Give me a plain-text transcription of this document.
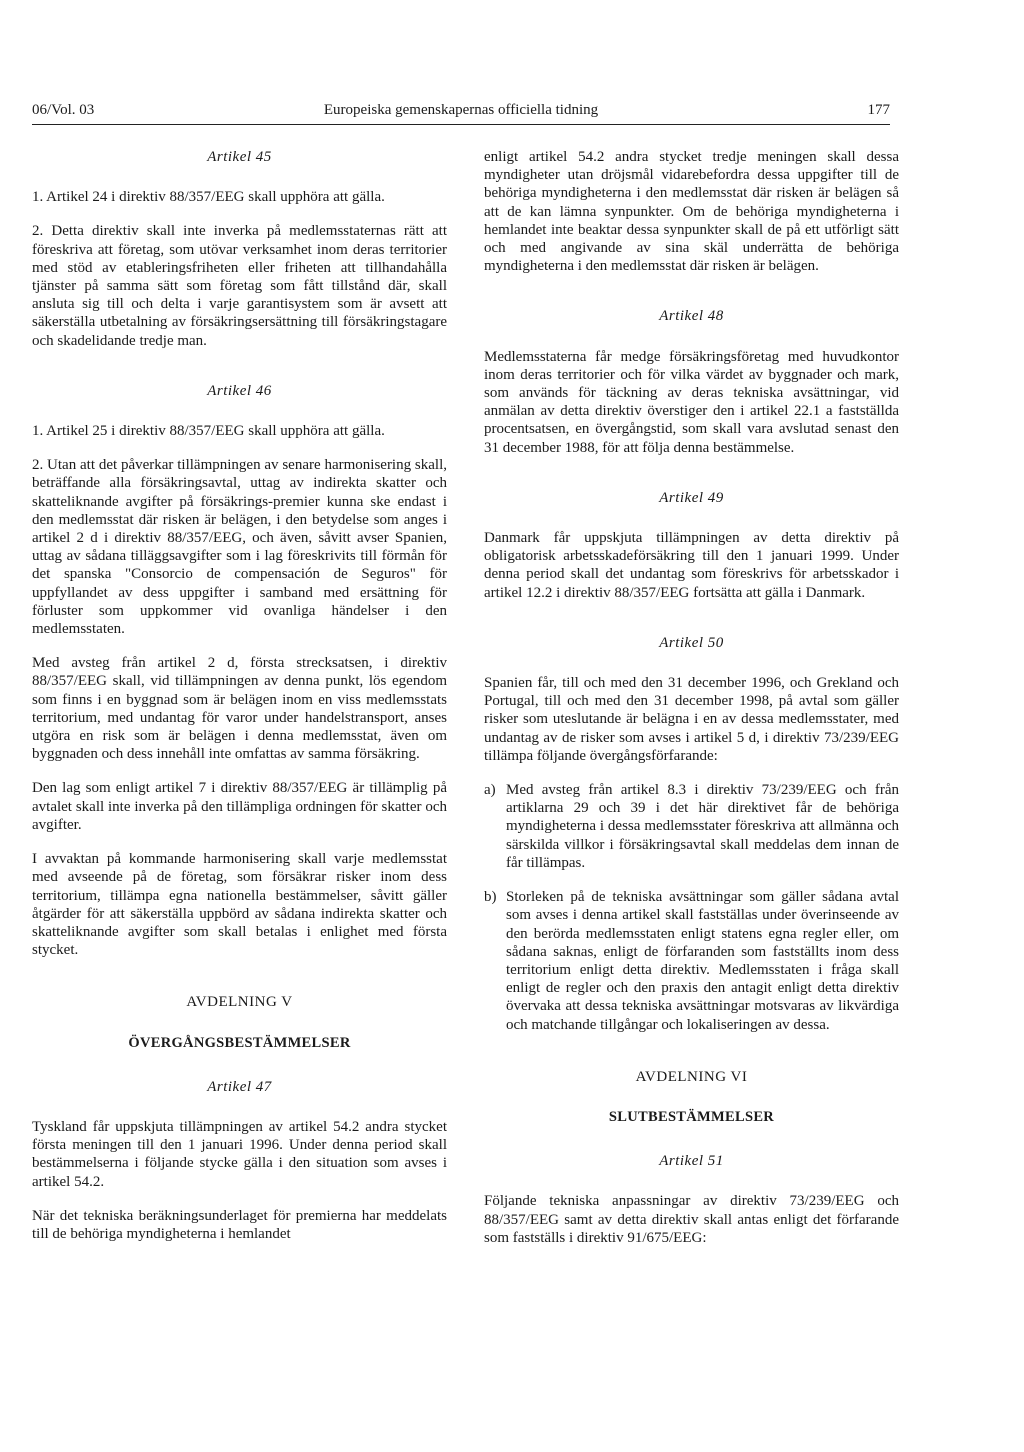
06/Vol. 03	Europeiska gemenskapernas officiella tidning	177
Artikel 45

1. Artikel 24 i direktiv 88/357/EEG skall upphöra att gälla.

2. Detta direktiv skall inte inverka på medlemsstaternas rätt att föreskriva att företag, som utövar verksamhet inom deras territorier med stöd av etableringsfriheten eller friheten att tillhandahålla tjänster på samma sätt som företag som fått tillstånd där, skall ansluta sig till och delta i varje garantisystem som är avsett att säkerställa utbetalning av försäkringsersättning till försäkringstagare och skadelidande tredje man.

Artikel 46

1. Artikel 25 i direktiv 88/357/EEG skall upphöra att gälla.

2. Utan att det påverkar tillämpningen av senare harmonisering skall, beträffande alla försäkringsavtal, uttag av indirekta skatter och skatteliknande avgifter på försäkrings-premier kunna ske endast i den medlemsstat där risken är belägen, i den betydelse som anges i artikel 2 d i direktiv 88/357/EEG, och även, såvitt avser Spanien, uttag av sådana tilläggsavgifter som i lag föreskrivits till förmån för det spanska "Consorcio de compensación de Seguros" för uppfyllandet av dess uppgifter i samband med ersättning för förluster som uppkommer vid ovanliga händelser i den medlemsstaten.

Med avsteg från artikel 2 d, första strecksatsen, i direktiv 88/357/EEG skall, vid tillämpningen av denna punkt, lös egendom som finns i en byggnad som är belägen inom en viss medlemsstats territorium, med undantag för varor under handelstransport, anses utgöra en risk som är belägen i denna medlemsstat, även om byggnaden och dess innehåll inte omfattas av samma försäkring.

Den lag som enligt artikel 7 i direktiv 88/357/EEG är tillämplig på avtalet skall inte inverka på den tillämpliga ordningen för skatter och avgifter.

I avvaktan på kommande harmonisering skall varje medlemsstat med avseende på de företag, som försäkrar risker inom dess territorium, tillämpa egna nationella bestämmelser, såvitt gäller åtgärder för att säkerställa uppbörd av sådana indirekta skatter och skatteliknande avgifter som skall betalas i enlighet med första stycket.

AVDELNING V
ÖVERGÅNGSBESTÄMMELSER
Artikel 47

Tyskland får uppskjuta tillämpningen av artikel 54.2 andra stycket första meningen till den 1 januari 1996. Under denna period skall bestämmelserna i följande stycke gälla i den situation som avses i artikel 54.2.

När det tekniska beräkningsunderlaget för premierna har meddelats till de behöriga myndigheterna i hemlandet

enligt artikel 54.2 andra stycket tredje meningen skall dessa myndigheter utan dröjsmål vidarebefordra dessa uppgifter till de behöriga myndigheterna i den medlemsstat där risken är belägen så att de kan lämna synpunkter. Om de behöriga myndigheterna i hemlandet inte beaktar dessa synpunkter skall de på ett utförligt sätt och med angivande av sina skäl underrätta de behöriga myndigheterna i den medlemsstat där risken är belägen.

Artikel 48

Medlemsstaterna får medge försäkringsföretag med huvudkontor inom deras territorier och för vilka värdet av byggnader och mark, som används för täckning av deras tekniska avsättningar, vid anmälan av detta direktiv överstiger den i artikel 22.1 a fastställda procentsatsen, en övergångstid, som skall vara avslutad senast den 31 december 1988, för att följa denna bestämmelse.

Artikel 49

Danmark får uppskjuta tillämpningen av detta direktiv på obligatorisk arbetsskadeförsäkring till den 1 januari 1999. Under denna period skall det undantag som föreskrivs för arbetsskador i artikel 12.2 i direktiv 88/357/EEG fortsätta att gälla i Danmark.

Artikel 50

Spanien får, till och med den 31 december 1996, och Grekland och Portugal, till och med den 31 december 1998, på avtal som gäller risker som uteslutande är belägna i en av dessa medlemsstater, med undantag av de risker som avses i artikel 5 d, i direktiv 73/239/EEG tillämpa följande övergångsförfarande:

a) Med avsteg från artikel 8.3 i direktiv 73/239/EEG och från artiklarna 29 och 39 i det här direktivet får de behöriga myndigheterna i dessa medlemsstater föreskriva att allmänna och särskilda villkor i försäkringsavtal skall meddelas dem innan de får tillämpas.
b) Storleken på de tekniska avsättningar som gäller sådana avtal som avses i denna artikel skall fastställas under överinseende av den berörda medlemsstaten enligt statens egna regler eller, om sådana saknas, enligt de förfaranden som fastställts inom dess territorium enligt detta direktiv. Medlemsstaten i fråga skall enligt de regler och den praxis den antagit enligt detta direktiv övervaka att dessa tekniska avsättningar motsvaras av likvärdiga och matchande tillgångar och lokaliseringen av dessa.
AVDELNING VI
SLUTBESTÄMMELSER
Artikel 51

Följande tekniska anpassningar av direktiv 73/239/EEG och 88/357/EEG samt av detta direktiv skall antas enligt det förfarande som fastställs i direktiv 91/675/EEG:
